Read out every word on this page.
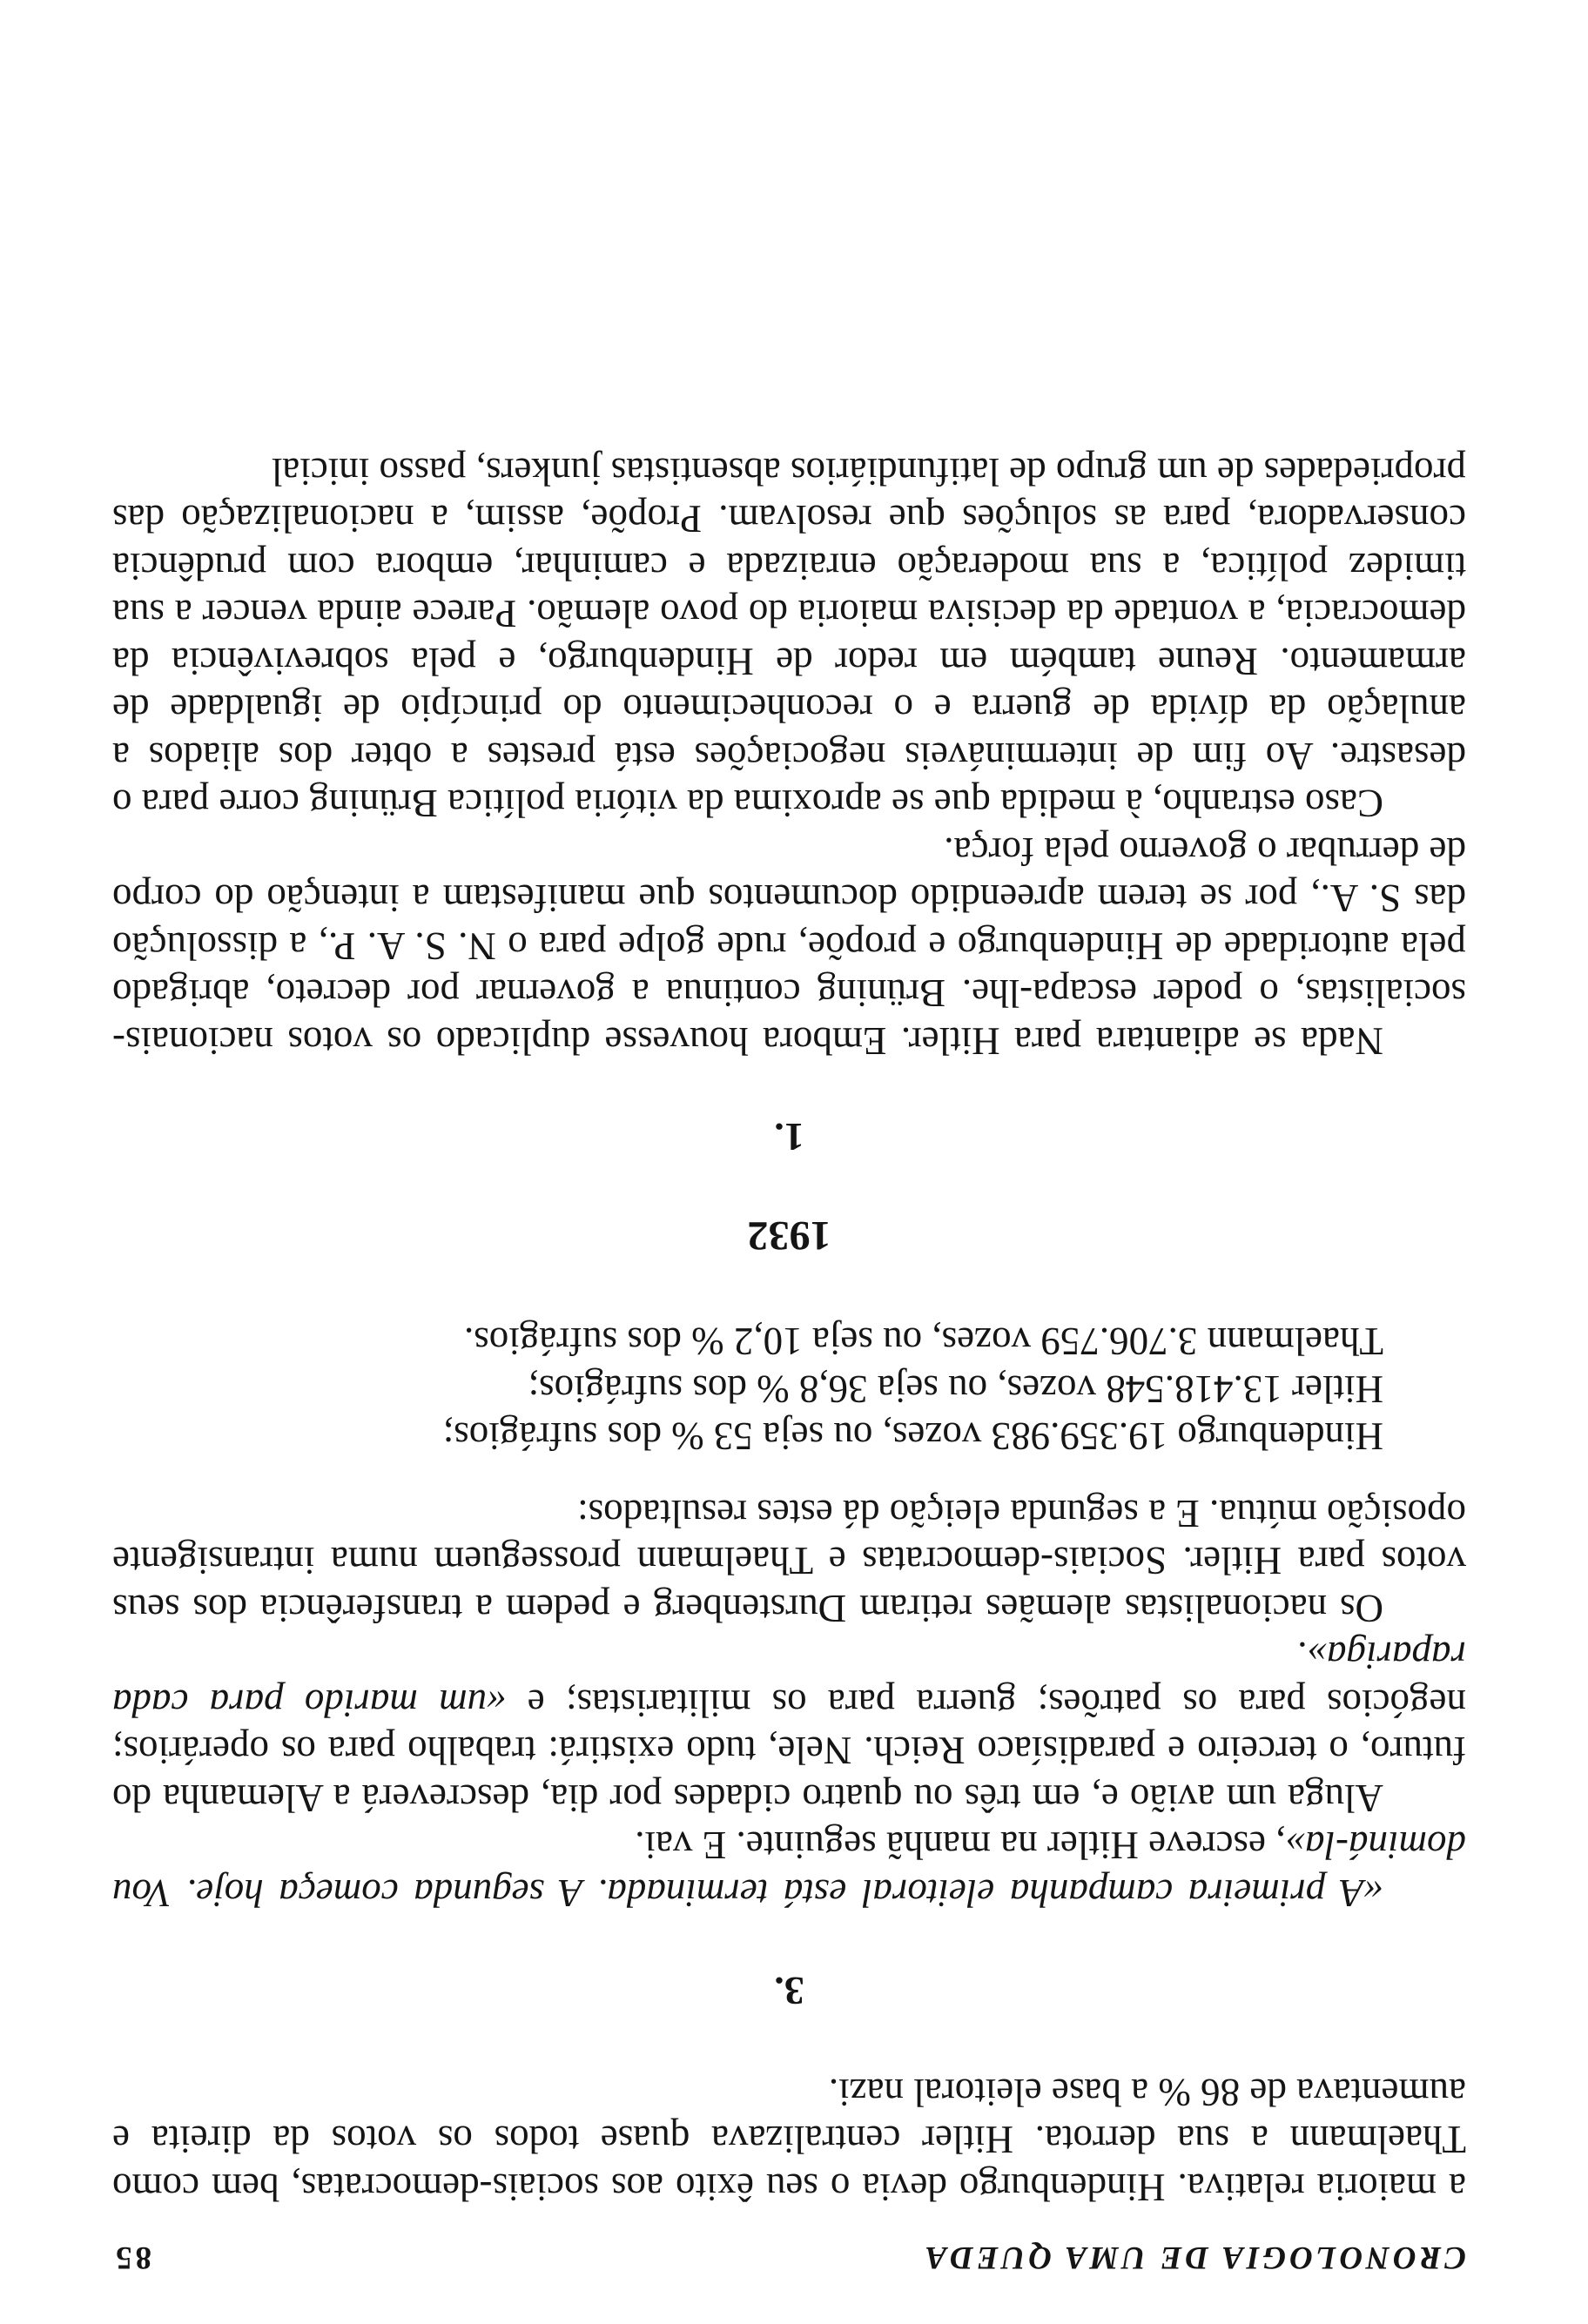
CRONOLOGIA DE UMA QUEDA
85

a maioria relativa. Hindenburgo devia o seu êxito aos sociais-democratas, bem como Thaelmann a sua derrota. Hitler centralizava quase todos os votos da direita e aumentava de 86 % a base eleitoral nazi.

3.

«A primeira campanha eleitoral está terminada. A segunda começa hoje. Vou dominá-la», escreve Hitler na manhã seguinte. E vai.

Aluga um avião e, em três ou quatro cidades por dia, descreverá a Alemanha do futuro, o terceiro e paradisíaco Reich. Nele, tudo existirá: trabalho para os operários; negócios para os patrões; guerra para os militaristas; e «um marido para cada rapariga».

Os nacionalistas alemães retiram Durstenberg e pedem a transferência dos seus votos para Hitler. Sociais-democratas e Thaelmann prosseguem numa intransigente oposição mútua. E a segunda eleição dá estes resultados:

Hindenburgo 19.359.983 vozes, ou seja 53 % dos sufrágios;
Hitler 13.418.548 vozes, ou seja 36,8 % dos sufrágios;
Thaelmann 3.706.759 vozes, ou seja 10,2 % dos sufrágios.

1932

1.

Nada se adiantara para Hitler. Embora houvesse duplicado os votos nacionais-socialistas, o poder escapa-lhe. Brüning continua a governar por decreto, abrigado pela autoridade de Hindenburgo e propõe, rude golpe para o N. S. A. P., a dissolução das S. A., por se terem apreendido documentos que manifestam a intenção do corpo de derrubar o governo pela força.

Caso estranho, à medida que se aproxima da vitória política Brüning corre para o desastre. Ao fim de intermináveis negociações está prestes a obter dos aliados a anulação da dívida de guerra e o reconhecimento do princípio de igualdade de armamento. Reune também em redor de Hindenburgo, e pela sobrevivência da democracia, a vontade da decisiva maioria do povo alemão. Parece ainda vencer a sua timidez política, a sua moderação enraizada e caminhar, embora com prudência conservadora, para as soluções que resolvam. Propõe, assim, a nacionalização das propriedades de um grupo de latifundiários absentistas junkers, passo inicial
